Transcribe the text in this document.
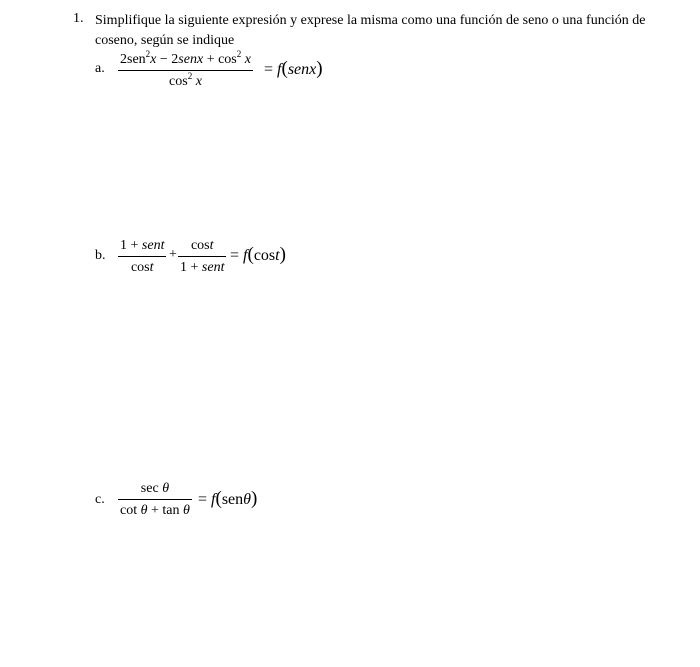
1. Simplifique la siguiente expresión y exprese la misma como una función de seno o una función de coseno, según se indique
a.
2sen$^2$x − 2senx + $\cos^2 x$
$\cos^2 x$
= f(senx)
b.
1 + sent
cost
+
cost
1 + sent
= f(cost)
c.
sec θ
cot θ + tan θ
= f(senθ)
